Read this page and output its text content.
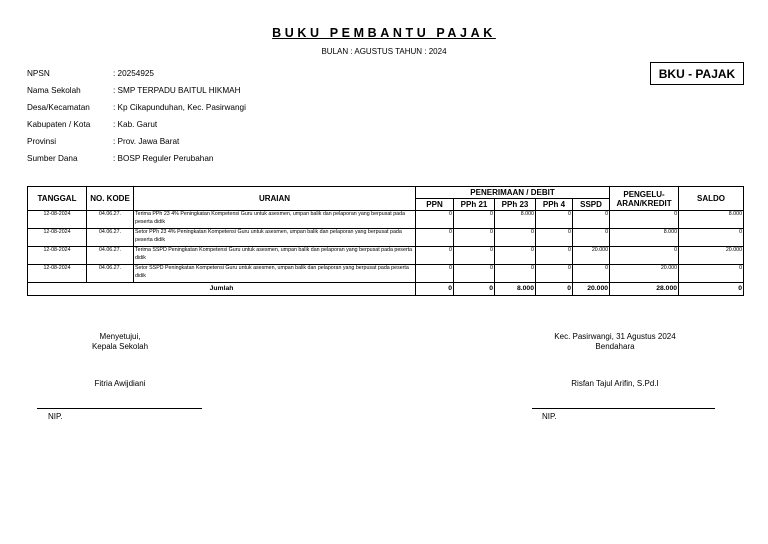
BUKU PEMBANTU PAJAK
BULAN : AGUSTUS TAHUN : 2024
BKU - PAJAK
NPSN	: 20254925
Nama Sekolah	: SMP TERPADU BAITUL HIKMAH
Desa/Kecamatan	: Kp Cikapunduhan, Kec. Pasirwangi
Kabupaten / Kota	: Kab. Garut
Provinsi	: Prov. Jawa Barat
Sumber Dana	: BOSP Reguler Perubahan
TANGGAL	NO. KODE	URAIAN	PENERIMAAN / DEBIT					PENGELU-ARAN/KREDIT	SALDO
			PPN	PPh 21	PPh 23	PPh 4	SSPD		
12-08-2024	04.06.27.	Terima PPh 23 4% Peningkatan Kompetensi Guru untuk asesmen, umpan balik dan pelaporan yang berpusat pada peserta didik	0	0	8.000	0	0	0	8.000
12-08-2024	04.06.27.	Setor PPh 23 4% Peningkatan Kompetensi Guru untuk asesmen, umpan balik dan pelaporan yang berpusat pada peserta didik	0	0	0	0	0	8.000	0
12-08-2024	04.06.27.	Terima SSPD Peningkatan Kompetensi Guru untuk asesmen, umpan balik dan pelaporan yang berpusat pada peserta didik	0	0	0	0	20.000	0	20.000
12-08-2024	04.06.27.	Setor SSPD Peningkatan Kompetensi Guru untuk asesmen, umpan balik dan pelaporan yang berpusat pada peserta didik	0	0	0	0	0	20.000	0
Jumlah			0	0	8.000	0	20.000	28.000	0
Menyetujui,
Kepala Sekolah
Fitria Awijdiani
NIP.
Kec. Pasirwangi, 31 Agustus 2024
Bendahara
Risfan Tajul Arifin, S.Pd.I
NIP.
